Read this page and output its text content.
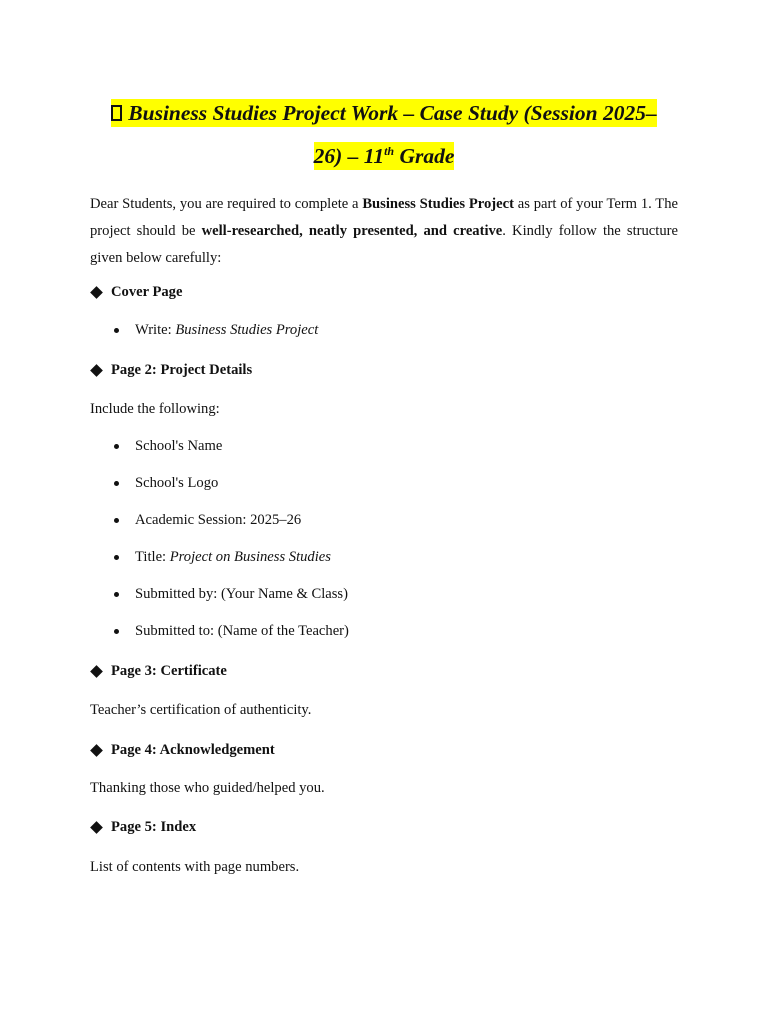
Business Studies Project Work – Case Study (Session 2025–
26) – 11th Grade
Dear Students, you are required to complete a Business Studies Project as part of your Term 1. The project should be well-researched, neatly presented, and creative. Kindly follow the structure given below carefully:
Cover Page
Write: Business Studies Project
Page 2: Project Details
Include the following:
School's Name
School's Logo
Academic Session: 2025–26
Title: Project on Business Studies
Submitted by: (Your Name & Class)
Submitted to: (Name of the Teacher)
Page 3: Certificate
Teacher’s certification of authenticity.
Page 4: Acknowledgement
Thanking those who guided/helped you.
Page 5: Index
List of contents with page numbers.
